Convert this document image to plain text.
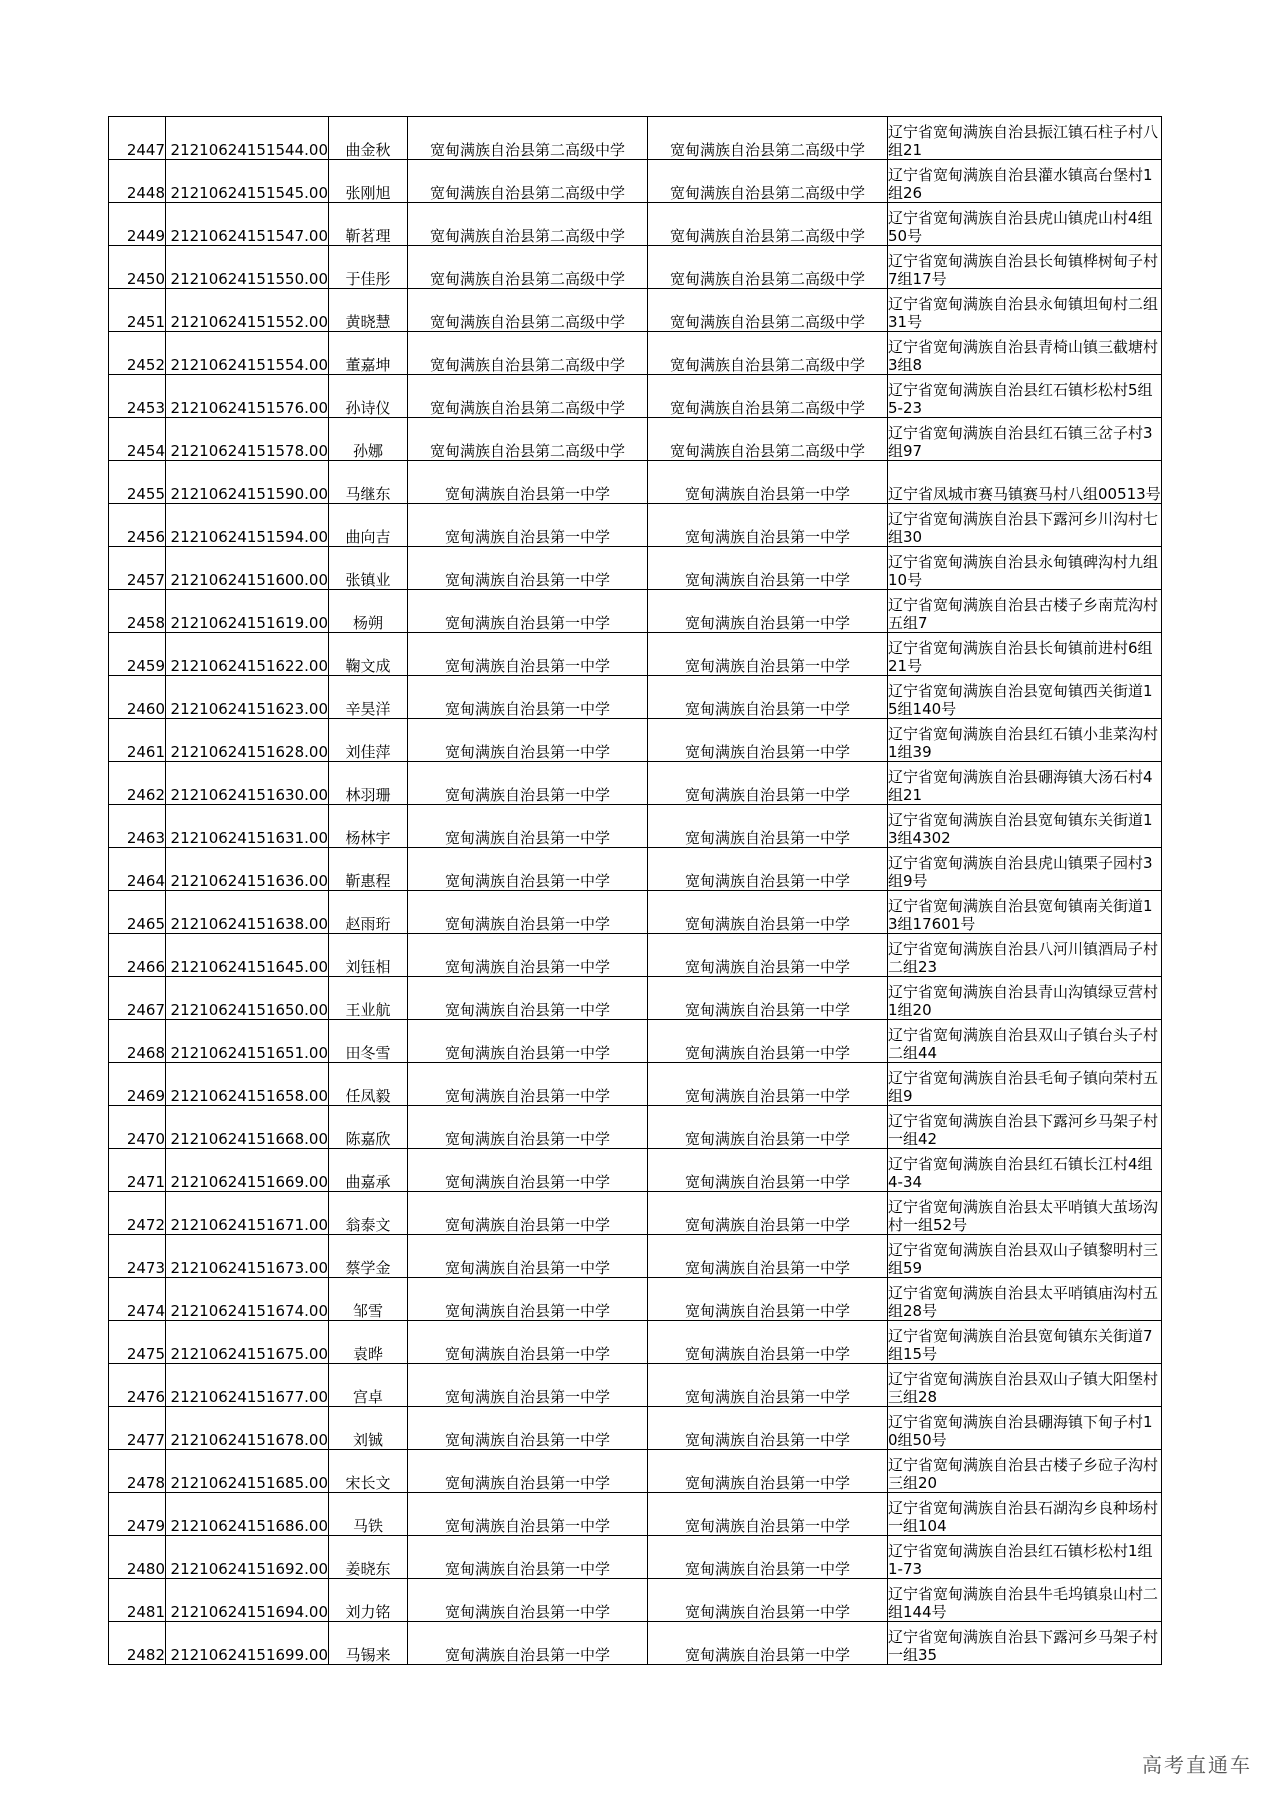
2447	21210624151544.00	曲金秋	宽甸满族自治县第二高级中学	宽甸满族自治县第二高级中学	辽宁省宽甸满族自治县振江镇石柱子村八组21
2448	21210624151545.00	张刚旭	宽甸满族自治县第二高级中学	宽甸满族自治县第二高级中学	辽宁省宽甸满族自治县灌水镇高台堡村1组26
2449	21210624151547.00	靳茗理	宽甸满族自治县第二高级中学	宽甸满族自治县第二高级中学	辽宁省宽甸满族自治县虎山镇虎山村4组50号
2450	21210624151550.00	于佳彤	宽甸满族自治县第二高级中学	宽甸满族自治县第二高级中学	辽宁省宽甸满族自治县长甸镇桦树甸子村7组17号
2451	21210624151552.00	黄晓慧	宽甸满族自治县第二高级中学	宽甸满族自治县第二高级中学	辽宁省宽甸满族自治县永甸镇坦甸村二组31号
2452	21210624151554.00	董嘉坤	宽甸满族自治县第二高级中学	宽甸满族自治县第二高级中学	辽宁省宽甸满族自治县青椅山镇三截塘村3组8
2453	21210624151576.00	孙诗仪	宽甸满族自治县第二高级中学	宽甸满族自治县第二高级中学	辽宁省宽甸满族自治县红石镇杉松村5组5-23
2454	21210624151578.00	孙娜	宽甸满族自治县第二高级中学	宽甸满族自治县第二高级中学	辽宁省宽甸满族自治县红石镇三岔子村3组97
2455	21210624151590.00	马继东	宽甸满族自治县第一中学	宽甸满族自治县第一中学	辽宁省凤城市赛马镇赛马村八组00513号
2456	21210624151594.00	曲向吉	宽甸满族自治县第一中学	宽甸满族自治县第一中学	辽宁省宽甸满族自治县下露河乡川沟村七组30
2457	21210624151600.00	张镇业	宽甸满族自治县第一中学	宽甸满族自治县第一中学	辽宁省宽甸满族自治县永甸镇碑沟村九组10号
2458	21210624151619.00	杨朔	宽甸满族自治县第一中学	宽甸满族自治县第一中学	辽宁省宽甸满族自治县古楼子乡南荒沟村五组7
2459	21210624151622.00	鞠文成	宽甸满族自治县第一中学	宽甸满族自治县第一中学	辽宁省宽甸满族自治县长甸镇前进村6组21号
2460	21210624151623.00	辛昊洋	宽甸满族自治县第一中学	宽甸满族自治县第一中学	辽宁省宽甸满族自治县宽甸镇西关街道15组140号
2461	21210624151628.00	刘佳萍	宽甸满族自治县第一中学	宽甸满族自治县第一中学	辽宁省宽甸满族自治县红石镇小韭菜沟村1组39
2462	21210624151630.00	林羽珊	宽甸满族自治县第一中学	宽甸满族自治县第一中学	辽宁省宽甸满族自治县硼海镇大汤石村4组21
2463	21210624151631.00	杨林宇	宽甸满族自治县第一中学	宽甸满族自治县第一中学	辽宁省宽甸满族自治县宽甸镇东关街道13组4302
2464	21210624151636.00	靳惠程	宽甸满族自治县第一中学	宽甸满族自治县第一中学	辽宁省宽甸满族自治县虎山镇栗子园村3组9号
2465	21210624151638.00	赵雨珩	宽甸满族自治县第一中学	宽甸满族自治县第一中学	辽宁省宽甸满族自治县宽甸镇南关街道13组17601号
2466	21210624151645.00	刘钰相	宽甸满族自治县第一中学	宽甸满族自治县第一中学	辽宁省宽甸满族自治县八河川镇酒局子村二组23
2467	21210624151650.00	王业航	宽甸满族自治县第一中学	宽甸满族自治县第一中学	辽宁省宽甸满族自治县青山沟镇绿豆营村1组20
2468	21210624151651.00	田冬雪	宽甸满族自治县第一中学	宽甸满族自治县第一中学	辽宁省宽甸满族自治县双山子镇台头子村二组44
2469	21210624151658.00	任凤毅	宽甸满族自治县第一中学	宽甸满族自治县第一中学	辽宁省宽甸满族自治县毛甸子镇向荣村五组9
2470	21210624151668.00	陈嘉欣	宽甸满族自治县第一中学	宽甸满族自治县第一中学	辽宁省宽甸满族自治县下露河乡马架子村一组42
2471	21210624151669.00	曲嘉承	宽甸满族自治县第一中学	宽甸满族自治县第一中学	辽宁省宽甸满族自治县红石镇长江村4组4-34
2472	21210624151671.00	翁泰文	宽甸满族自治县第一中学	宽甸满族自治县第一中学	辽宁省宽甸满族自治县太平哨镇大茧场沟村一组52号
2473	21210624151673.00	蔡学金	宽甸满族自治县第一中学	宽甸满族自治县第一中学	辽宁省宽甸满族自治县双山子镇黎明村三组59
2474	21210624151674.00	邹雪	宽甸满族自治县第一中学	宽甸满族自治县第一中学	辽宁省宽甸满族自治县太平哨镇庙沟村五组28号
2475	21210624151675.00	袁晔	宽甸满族自治县第一中学	宽甸满族自治县第一中学	辽宁省宽甸满族自治县宽甸镇东关街道7组15号
2476	21210624151677.00	宫卓	宽甸满族自治县第一中学	宽甸满族自治县第一中学	辽宁省宽甸满族自治县双山子镇大阳堡村三组28
2477	21210624151678.00	刘铖	宽甸满族自治县第一中学	宽甸满族自治县第一中学	辽宁省宽甸满族自治县硼海镇下甸子村10组50号
2478	21210624151685.00	宋长文	宽甸满族自治县第一中学	宽甸满族自治县第一中学	辽宁省宽甸满族自治县古楼子乡砬子沟村三组20
2479	21210624151686.00	马铁	宽甸满族自治县第一中学	宽甸满族自治县第一中学	辽宁省宽甸满族自治县石湖沟乡良种场村一组104
2480	21210624151692.00	姜晓东	宽甸满族自治县第一中学	宽甸满族自治县第一中学	辽宁省宽甸满族自治县红石镇杉松村1组1-73
2481	21210624151694.00	刘力铭	宽甸满族自治县第一中学	宽甸满族自治县第一中学	辽宁省宽甸满族自治县牛毛坞镇泉山村二组144号
2482	21210624151699.00	马锡来	宽甸满族自治县第一中学	宽甸满族自治县第一中学	辽宁省宽甸满族自治县下露河乡马架子村一组35
高考直通车
